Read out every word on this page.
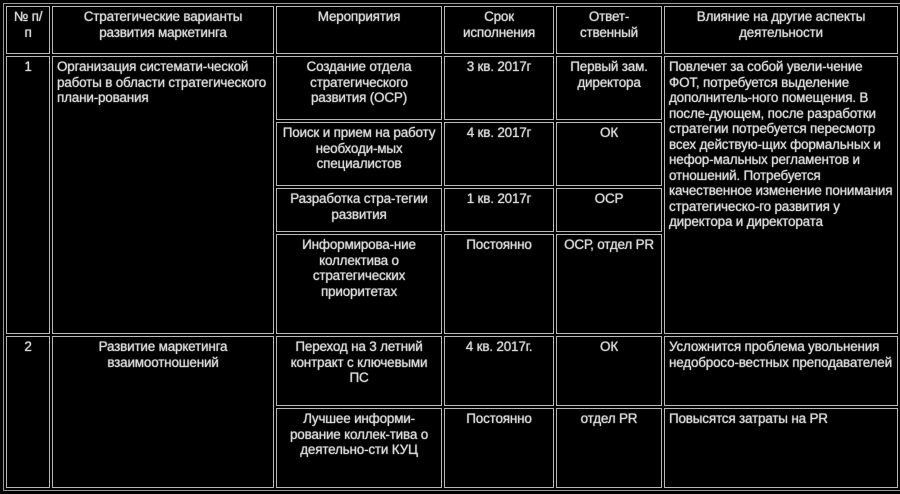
№ п/п	Стратегические варианты развития маркетинга	Мероприятия	Срок исполнения	Ответ-ственный	Влияние на другие аспекты деятельности
1	Организация системати-ческой работы в области стратегического плани-рования	Создание отдела стратегического развития (ОСР)	3 кв. 2017г	Первый зам. директора	Повлечет за собой увели-чение ФОТ, потребуется выделение дополнитель-ного помещения. В после-дующем, после разработки стратегии потребуется пересмотр всех действую-щих формальных и нефор-мальных регламентов и отношений. Потребуется качественное изменение понимания стратегическо-го развития у директора и директората
		Поиск и прием на работу необходи-мых специалистов	4 кв. 2017г	ОК	
		Разработка стра-тегии развития	1 кв. 2017г	ОСР	
		Информирова-ние коллектива о стратегических приоритетах	Постоянно	ОСР, отдел PR	
2	Развитие маркетинга взаимоотношений	Переход на 3 летний контракт с ключевыми ПС	4 кв. 2017г.	ОК	Усложнится проблема увольнения недобросо-вестных преподавателей
		Лучшее информи-рование коллек-тива о деятельно-сти КУЦ	Постоянно	отдел PR	Повысятся затраты на PR
